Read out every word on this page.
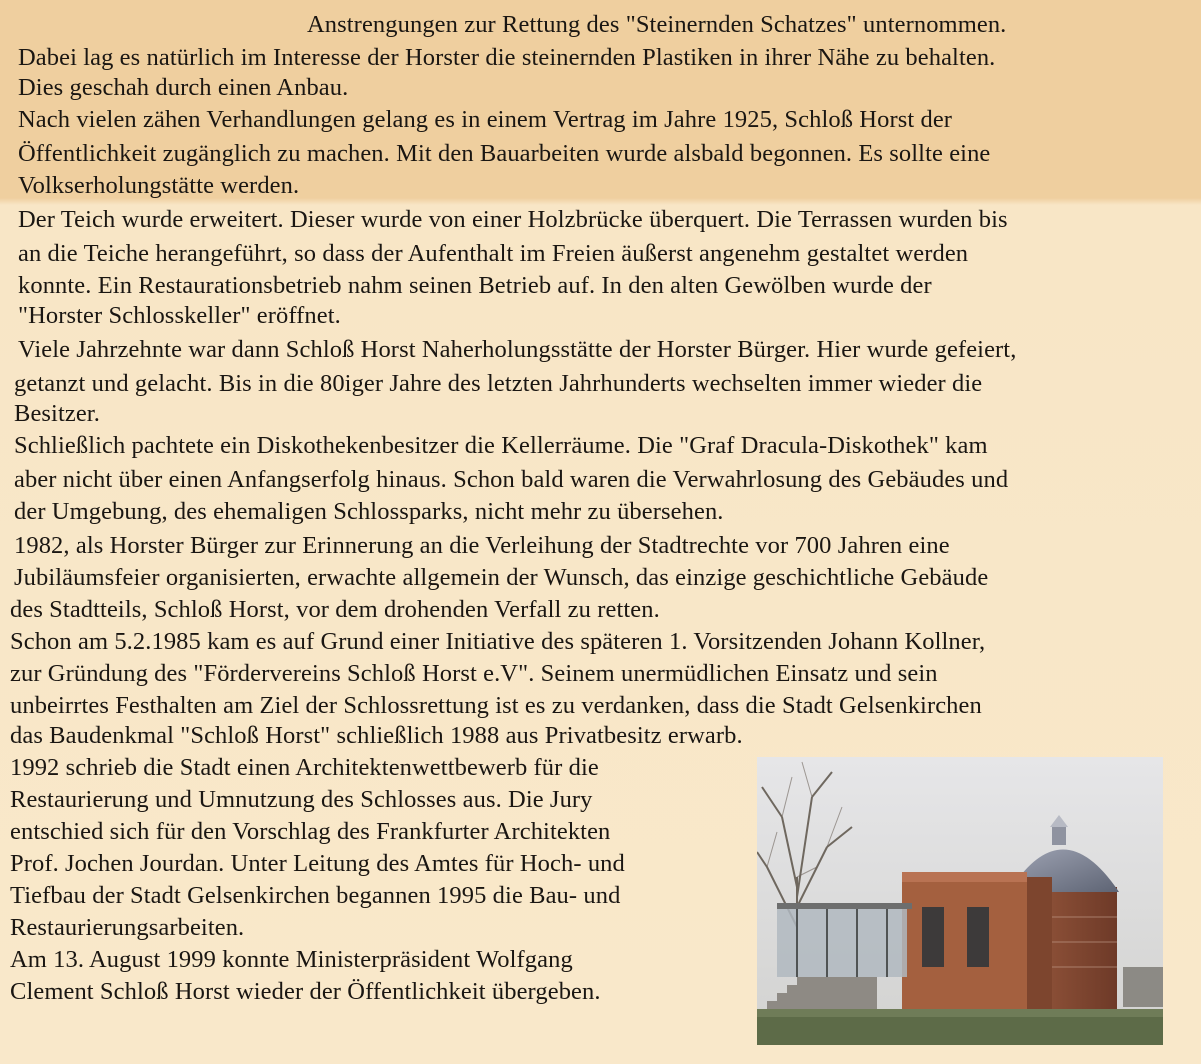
Anstrengungen zur Rettung des "Steinernden Schatzes" unternommen.
Dabei lag es natürlich im Interesse der Horster die steinernden Plastiken in ihrer Nähe zu behalten.
Dies geschah durch einen Anbau.
Nach vielen zähen Verhandlungen gelang es in einem Vertrag im Jahre 1925, Schloß Horst der
Öffentlichkeit zugänglich zu machen. Mit den Bauarbeiten wurde alsbald begonnen. Es sollte eine
Volkserholungstätte werden.
Der Teich wurde erweitert. Dieser wurde von einer Holzbrücke überquert. Die Terrassen wurden bis
an die Teiche herangeführt, so dass der Aufenthalt im Freien äußerst angenehm gestaltet werden
konnte. Ein Restaurationsbetrieb nahm seinen Betrieb auf. In den alten Gewölben wurde der
"Horster Schlosskeller" eröffnet.
Viele Jahrzehnte war dann Schloß Horst Naherholungsstätte der Horster Bürger. Hier wurde gefeiert,
getanzt und gelacht. Bis in die 80iger Jahre des letzten Jahrhunderts wechselten immer wieder die
Besitzer.
Schließlich pachtete ein Diskothekenbesitzer die Kellerräume. Die "Graf Dracula-Diskothek" kam
aber nicht über einen Anfangserfolg hinaus. Schon bald waren die Verwahrlosung des Gebäudes und
der Umgebung, des ehemaligen Schlossparks, nicht mehr zu übersehen.
1982, als Horster Bürger zur Erinnerung an die Verleihung der Stadtrechte vor 700 Jahren eine
Jubiläumsfeier organisierten, erwachte allgemein der Wunsch, das einzige geschichtliche Gebäude
des Stadtteils, Schloß Horst, vor dem drohenden Verfall zu retten.
Schon am 5.2.1985 kam es auf Grund einer Initiative des späteren 1. Vorsitzenden Johann Kollner,
zur Gründung des "Fördervereins Schloß Horst e.V". Seinem unermüdlichen Einsatz und sein
unbeirrtes Festhalten am Ziel der Schlossrettung ist es zu verdanken, dass die Stadt Gelsenkirchen
das Baudenkmal "Schloß Horst" schließlich 1988 aus Privatbesitz erwarb.
1992 schrieb die Stadt einen Architektenwettbewerb für die
Restaurierung und Umnutzung des Schlosses aus. Die Jury
entschied sich für den Vorschlag des Frankfurter Architekten
Prof. Jochen Jourdan. Unter Leitung des Amtes für Hoch- und
Tiefbau der Stadt Gelsenkirchen begannen 1995 die Bau- und
Restaurierungsarbeiten.
Am 13. August 1999 konnte Ministerpräsident Wolfgang
Clement Schloß Horst wieder der Öffentlichkeit übergeben.
